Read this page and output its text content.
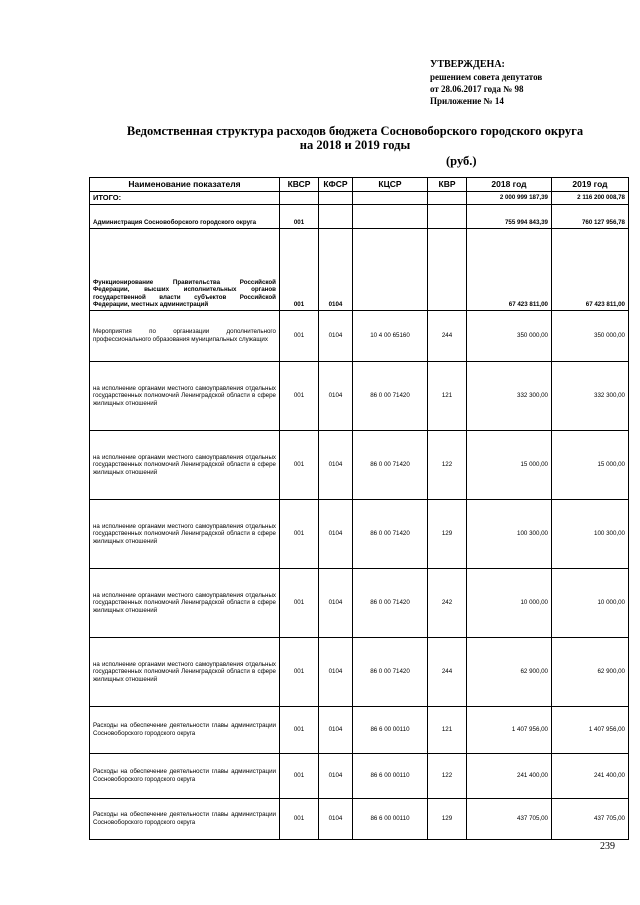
УТВЕРЖДЕНА:
решением совета депутатов
от 28.06.2017 года № 98
Приложение № 14
Ведомственная структура расходов бюджета Сосновоборского городского округа
на 2018 и 2019 годы
(руб.)
Наименование показателя	КВСР	КФСР	КЦСР	КВР	2018 год	2019 год
ИТОГО:					2 000 999 187,39	2 116 200 008,78
Администрация Сосновоборского городского округа	001				755 994 843,39	760 127 956,78
Функционирование Правительства Российской Федерации, высших исполнительных органов государственной власти субъектов Российской Федерации, местных администраций	001	0104			67 423 811,00	67 423 811,00
Мероприятия по организации дополнительного профессионального образования муниципальных служащих	001	0104	10 4 00 65160	244	350 000,00	350 000,00
на исполнение органами местного самоуправления отдельных государственных полномочий Ленинградской области в сфере жилищных отношений	001	0104	86 0 00 71420	121	332 300,00	332 300,00
на исполнение органами местного самоуправления отдельных государственных полномочий Ленинградской области в сфере жилищных отношений	001	0104	86 0 00 71420	122	15 000,00	15 000,00
на исполнение органами местного самоуправления отдельных государственных полномочий Ленинградской области в сфере жилищных отношений	001	0104	86 0 00 71420	129	100 300,00	100 300,00
на исполнение органами местного самоуправления отдельных государственных полномочий Ленинградской области в сфере жилищных отношений	001	0104	86 0 00 71420	242	10 000,00	10 000,00
на исполнение органами местного самоуправления отдельных государственных полномочий Ленинградской области в сфере жилищных отношений	001	0104	86 0 00 71420	244	62 900,00	62 900,00
Расходы на обеспечение деятельности главы администрации Сосновоборского городского округа	001	0104	86 6 00 00110	121	1 407 956,00	1 407 956,00
Расходы на обеспечение деятельности главы администрации Сосновоборского городского округа	001	0104	86 6 00 00110	122	241 400,00	241 400,00
Расходы на обеспечение деятельности главы администрации Сосновоборского городского округа	001	0104	86 6 00 00110	129	437 705,00	437 705,00
239
